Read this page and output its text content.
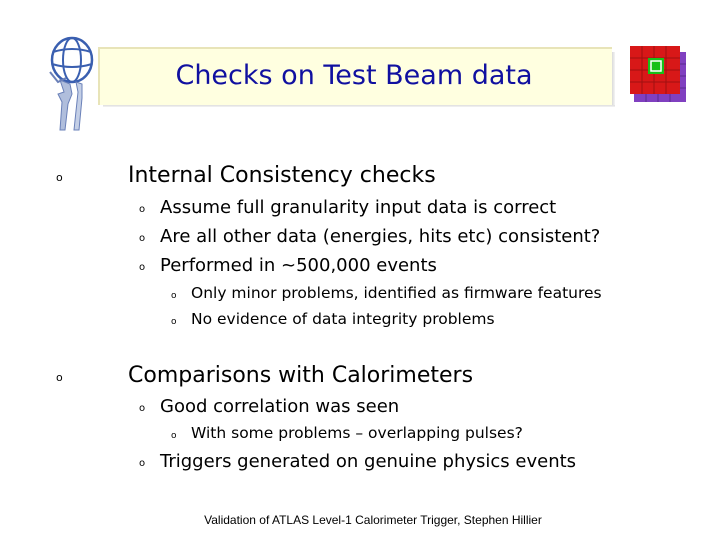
Checks on Test Beam data
o	Internal Consistency checks
o Assume full granularity input data is correct
o Are all other data (energies, hits etc) consistent?
o Performed in ~500,000 events
o Only minor problems, identified as firmware features
o No evidence of data integrity problems
o	Comparisons with Calorimeters
o Good correlation was seen
o With some problems – overlapping pulses?
o Triggers generated on genuine physics events
Validation of ATLAS Level-1 Calorimeter Trigger, Stephen Hillier
